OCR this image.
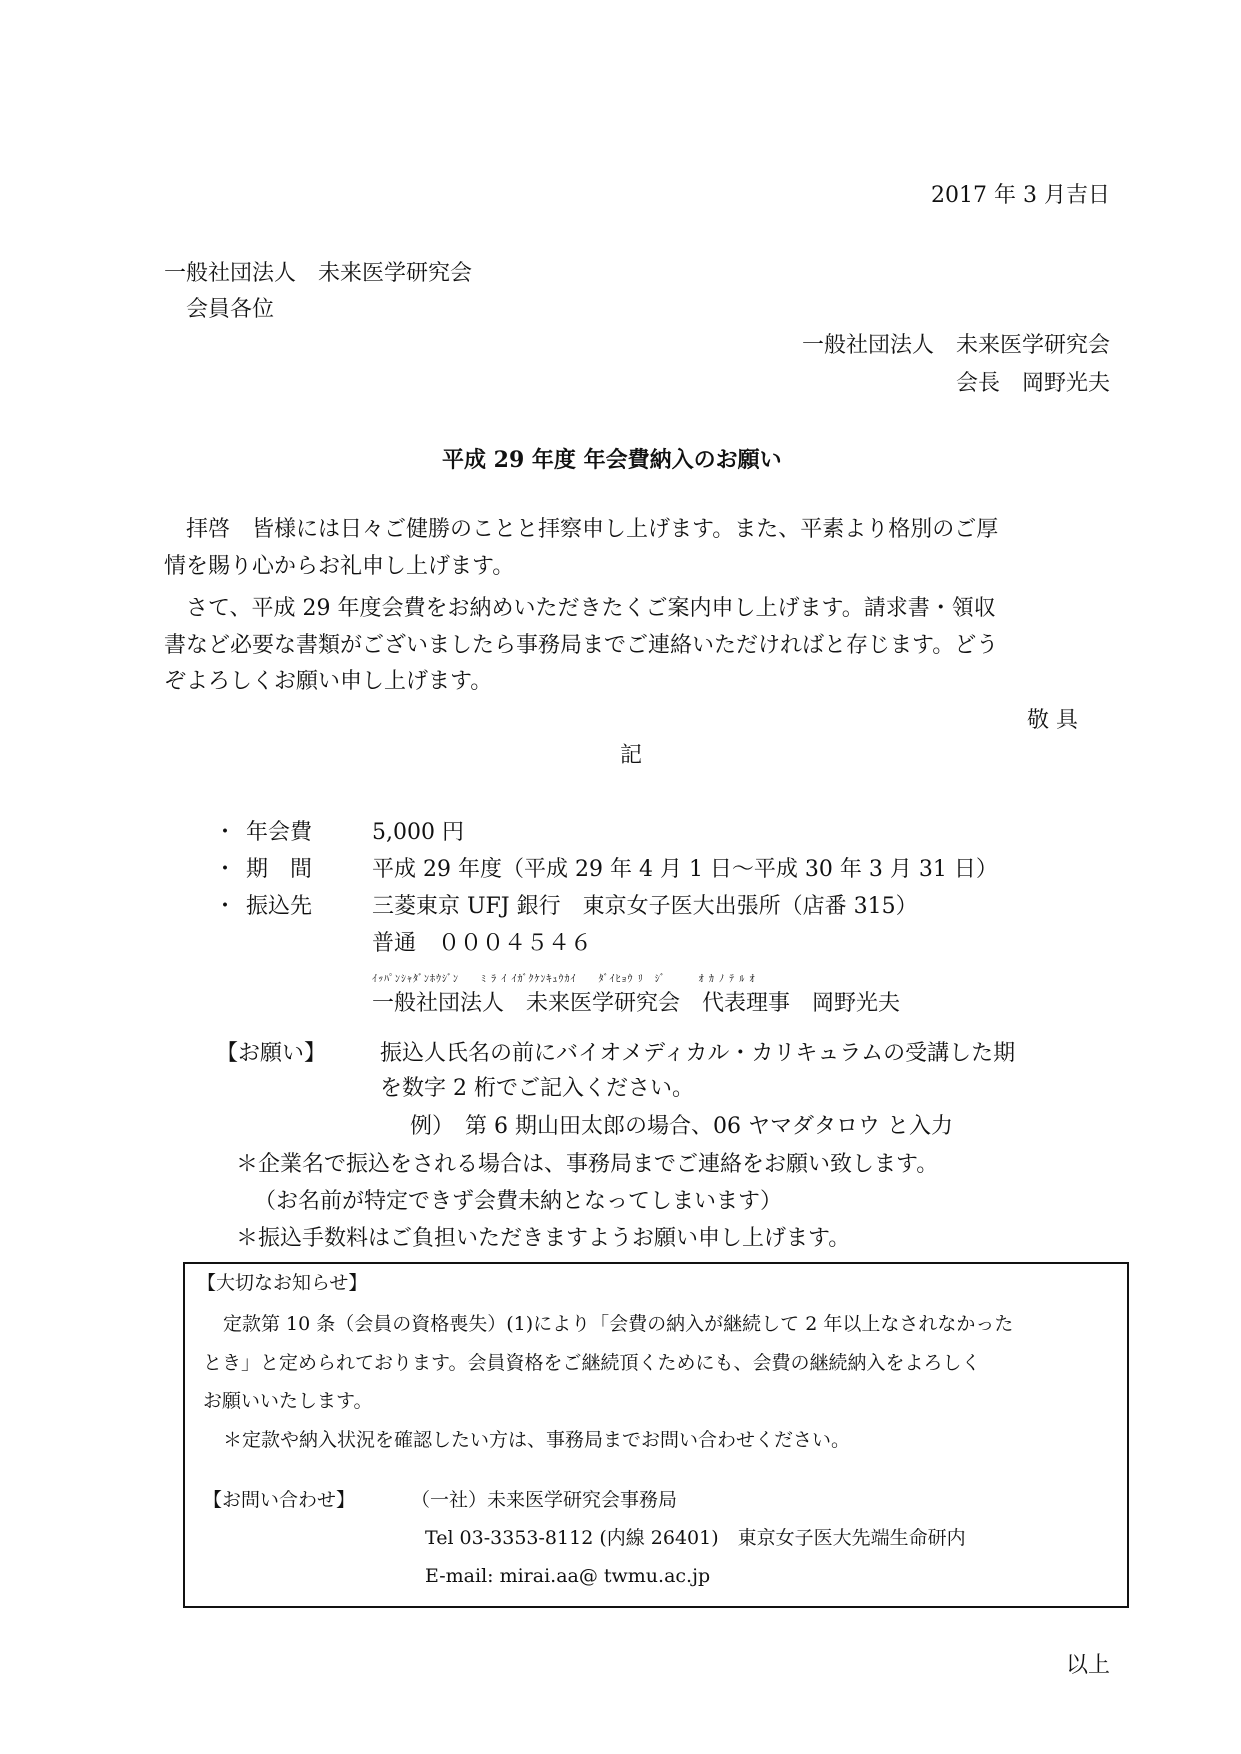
2017 年 3 月吉日
一般社団法人　未来医学研究会
会員各位
一般社団法人　未来医学研究会
会長　岡野光夫
平成 29 年度 年会費納入のお願い
拝啓　皆様には日々ご健勝のことと拝察申し上げます。また、平素より格別のご厚
情を賜り心からお礼申し上げます。
さて、平成 29 年度会費をお納めいただきたくご案内申し上げます。請求書・領収
書など必要な書類がございましたら事務局までご連絡いただければと存じます。どう
ぞよろしくお願い申し上げます。
敬 具
記
・ 年会費	5,000 円
・ 期　間	平成 29 年度（平成 29 年 4 月 1 日～平成 30 年 3 月 31 日）
・ 振込先	三菱東京 UFJ 銀行　東京女子医大出張所（店番 315）
普通　０００４５４６
ｲｯﾊﾟﾝｼｬﾀﾞﾝﾎｳｼﾞﾝ　　ﾐ ﾗ ｲ ｲｶﾞｸｹﾝｷｭｳｶｲ　　ﾀﾞｲﾋｮｳ ﾘ　ｼﾞ　　　ｵ ｶ ﾉ ﾃ ﾙ ｵ
一般社団法人　未来医学研究会　代表理事　岡野光夫
【お願い】 振込人氏名の前にバイオメディカル・カリキュラムの受講した期
を数字 2 桁でご記入ください。
例）　第 6 期山田太郎の場合、06 ヤマダタロウ と入力
＊企業名で振込をされる場合は、事務局までご連絡をお願い致します。
（お名前が特定できず会費未納となってしまいます）
＊振込手数料はご負担いただきますようお願い申し上げます。
【大切なお知らせ】
定款第 10 条（会員の資格喪失）(1)により「会費の納入が継続して 2 年以上なされなかった
とき」と定められております。会員資格をご継続頂くためにも、会費の継続納入をよろしく
お願いいたします。
＊定款や納入状況を確認したい方は、事務局までお問い合わせください。
【お問い合わせ】	（一社）未来医学研究会事務局
Tel 03-3353-8112 (内線 26401)　東京女子医大先端生命研内
E-mail: mirai.aa@ twmu.ac.jp
以上
